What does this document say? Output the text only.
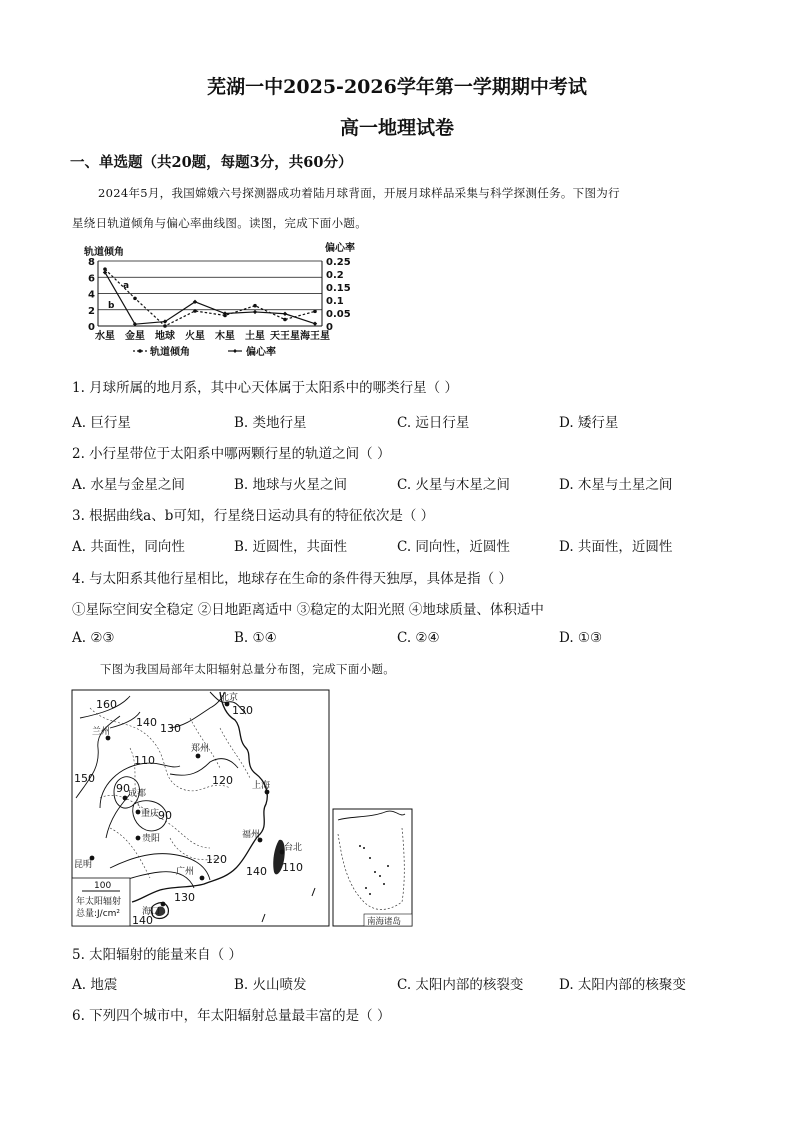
芜湖一中2025-2026学年第一学期期中考试
高一地理试卷
一、单选题（共20题，每题3分，共60分）
2024年5月，我国嫦娥六号探测器成功着陆月球背面，开展月球样品采集与科学探测任务。下图为行
星绕日轨道倾角与偏心率曲线图。读图，完成下面小题。
轨道倾角	偏心率
0
2
4
6
8
0
0.05
0.1
0.15
0.2
0.25
水星 金星 地球 火星 木星 土星 天王星 海王星
a
b
轨道倾角	偏心率
1. 月球所属的地月系，其中心天体属于太阳系中的哪类行星（ ）
A. 巨行星	B. 类地行星	C. 远日行星	D. 矮行星
2. 小行星带位于太阳系中哪两颗行星的轨道之间（ ）
A. 水星与金星之间	B. 地球与火星之间	C. 火星与木星之间	D. 木星与土星之间
3. 根据曲线a、b可知，行星绕日运动具有的特征依次是（ ）
A. 共面性，同向性	B. 近圆性，共面性	C. 同向性，近圆性	D. 共面性，近圆性
4. 与太阳系其他行星相比，地球存在生命的条件得天独厚，具体是指（ ）
①星际空间安全稳定 ②日地距离适中 ③稳定的太阳光照 ④地球质量、体积适中
A. ②③	B. ①④	C. ②④	D. ①③
下图为我国局部年太阳辐射总量分布图，完成下面小题。
160
140 130
130
110
150	120
90
90
120
140 110
140
130
北京
兰州
郑州
成都
重庆
贵阳
上海
福州
台北
昆明
广州
海口
100
年太阳辐射
总量:J/cm²
南海诸岛
5. 太阳辐射的能量来自（ ）
A. 地震	B. 火山喷发	C. 太阳内部的核裂变	D. 太阳内部的核聚变
6. 下列四个城市中，年太阳辐射总量最丰富的是（ ）
